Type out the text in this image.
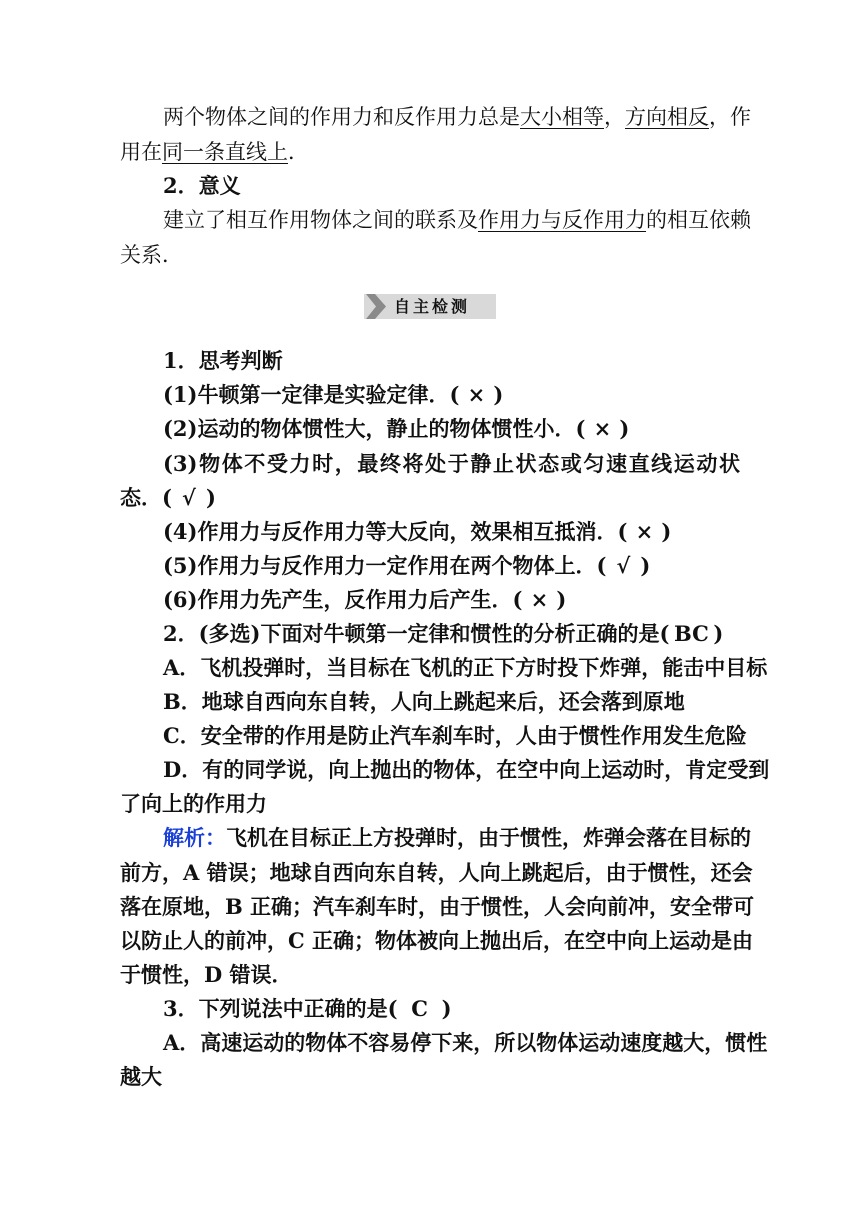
两个物体之间的作用力和反作用力总是大小相等，方向相反，作
用在同一条直线上．
2．意义
建立了相互作用物体之间的联系及作用力与反作用力的相互依赖
关系．
自主检测
1．思考判断
(1)牛顿第一定律是实验定律．( × )
(2)运动的物体惯性大，静止的物体惯性小．( × )
(3)物体不受力时，最终将处于静止状态或匀速直线运动状
态．( √ )
(4)作用力与反作用力等大反向，效果相互抵消．( × )
(5)作用力与反作用力一定作用在两个物体上．( √ )
(6)作用力先产生，反作用力后产生．( × )
2．(多选)下面对牛顿第一定律和惯性的分析正确的是( BC )
A．飞机投弹时，当目标在飞机的正下方时投下炸弹，能击中目标
B．地球自西向东自转，人向上跳起来后，还会落到原地
C．安全带的作用是防止汽车刹车时，人由于惯性作用发生危险
D．有的同学说，向上抛出的物体，在空中向上运动时，肯定受到
了向上的作用力
解析：飞机在目标正上方投弹时，由于惯性，炸弹会落在目标的
前方，A 错误；地球自西向东自转，人向上跳起后，由于惯性，还会
落在原地，B 正确；汽车刹车时，由于惯性，人会向前冲，安全带可
以防止人的前冲，C 正确；物体被向上抛出后，在空中向上运动是由
于惯性，D 错误．
3．下列说法中正确的是( C )
A．高速运动的物体不容易停下来，所以物体运动速度越大，惯性
越大
